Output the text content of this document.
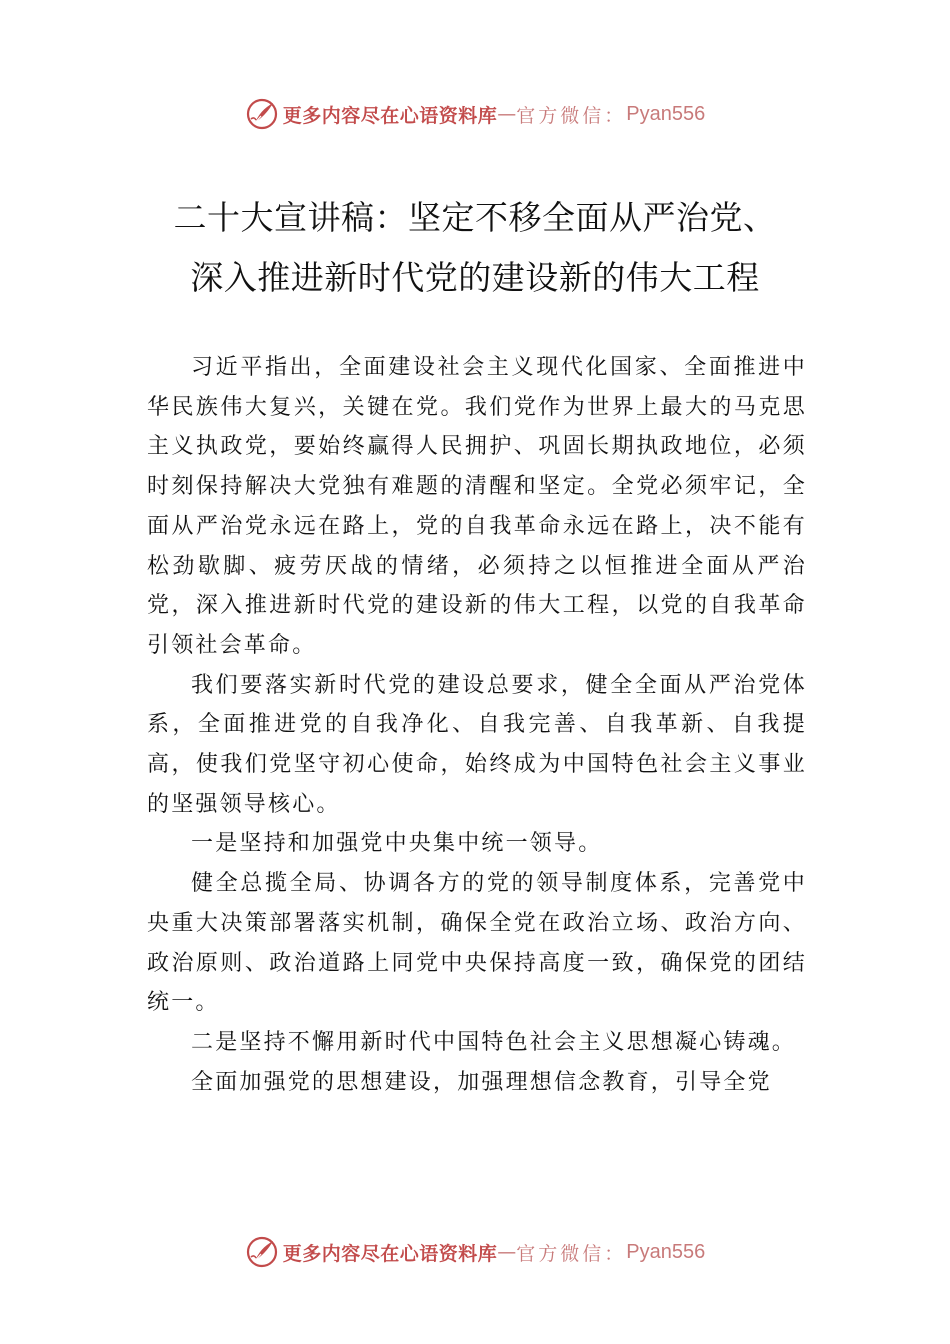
更多内容尽在心语资料库 — 官方微信： Pyan556
二十大宣讲稿：坚定不移全面从严治党、
深入推进新时代党的建设新的伟大工程

习近平指出，全面建设社会主义现代化国家、全面推进中华民族伟大复兴，关键在党。我们党作为世界上最大的马克思主义执政党，要始终赢得人民拥护、巩固长期执政地位，必须时刻保持解决大党独有难题的清醒和坚定。全党必须牢记，全面从严治党永远在路上，党的自我革命永远在路上，决不能有松劲歇脚、疲劳厌战的情绪，必须持之以恒推进全面从严治党，深入推进新时代党的建设新的伟大工程，以党的自我革命引领社会革命。

我们要落实新时代党的建设总要求，健全全面从严治党体系，全面推进党的自我净化、自我完善、自我革新、自我提高，使我们党坚守初心使命，始终成为中国特色社会主义事业的坚强领导核心。

一是坚持和加强党中央集中统一领导。

健全总揽全局、协调各方的党的领导制度体系，完善党中央重大决策部署落实机制，确保全党在政治立场、政治方向、政治原则、政治道路上同党中央保持高度一致，确保党的团结统一。

二是坚持不懈用新时代中国特色社会主义思想凝心铸魂。

全面加强党的思想建设，加强理想信念教育，引导全党

更多内容尽在心语资料库 — 官方微信： Pyan556
